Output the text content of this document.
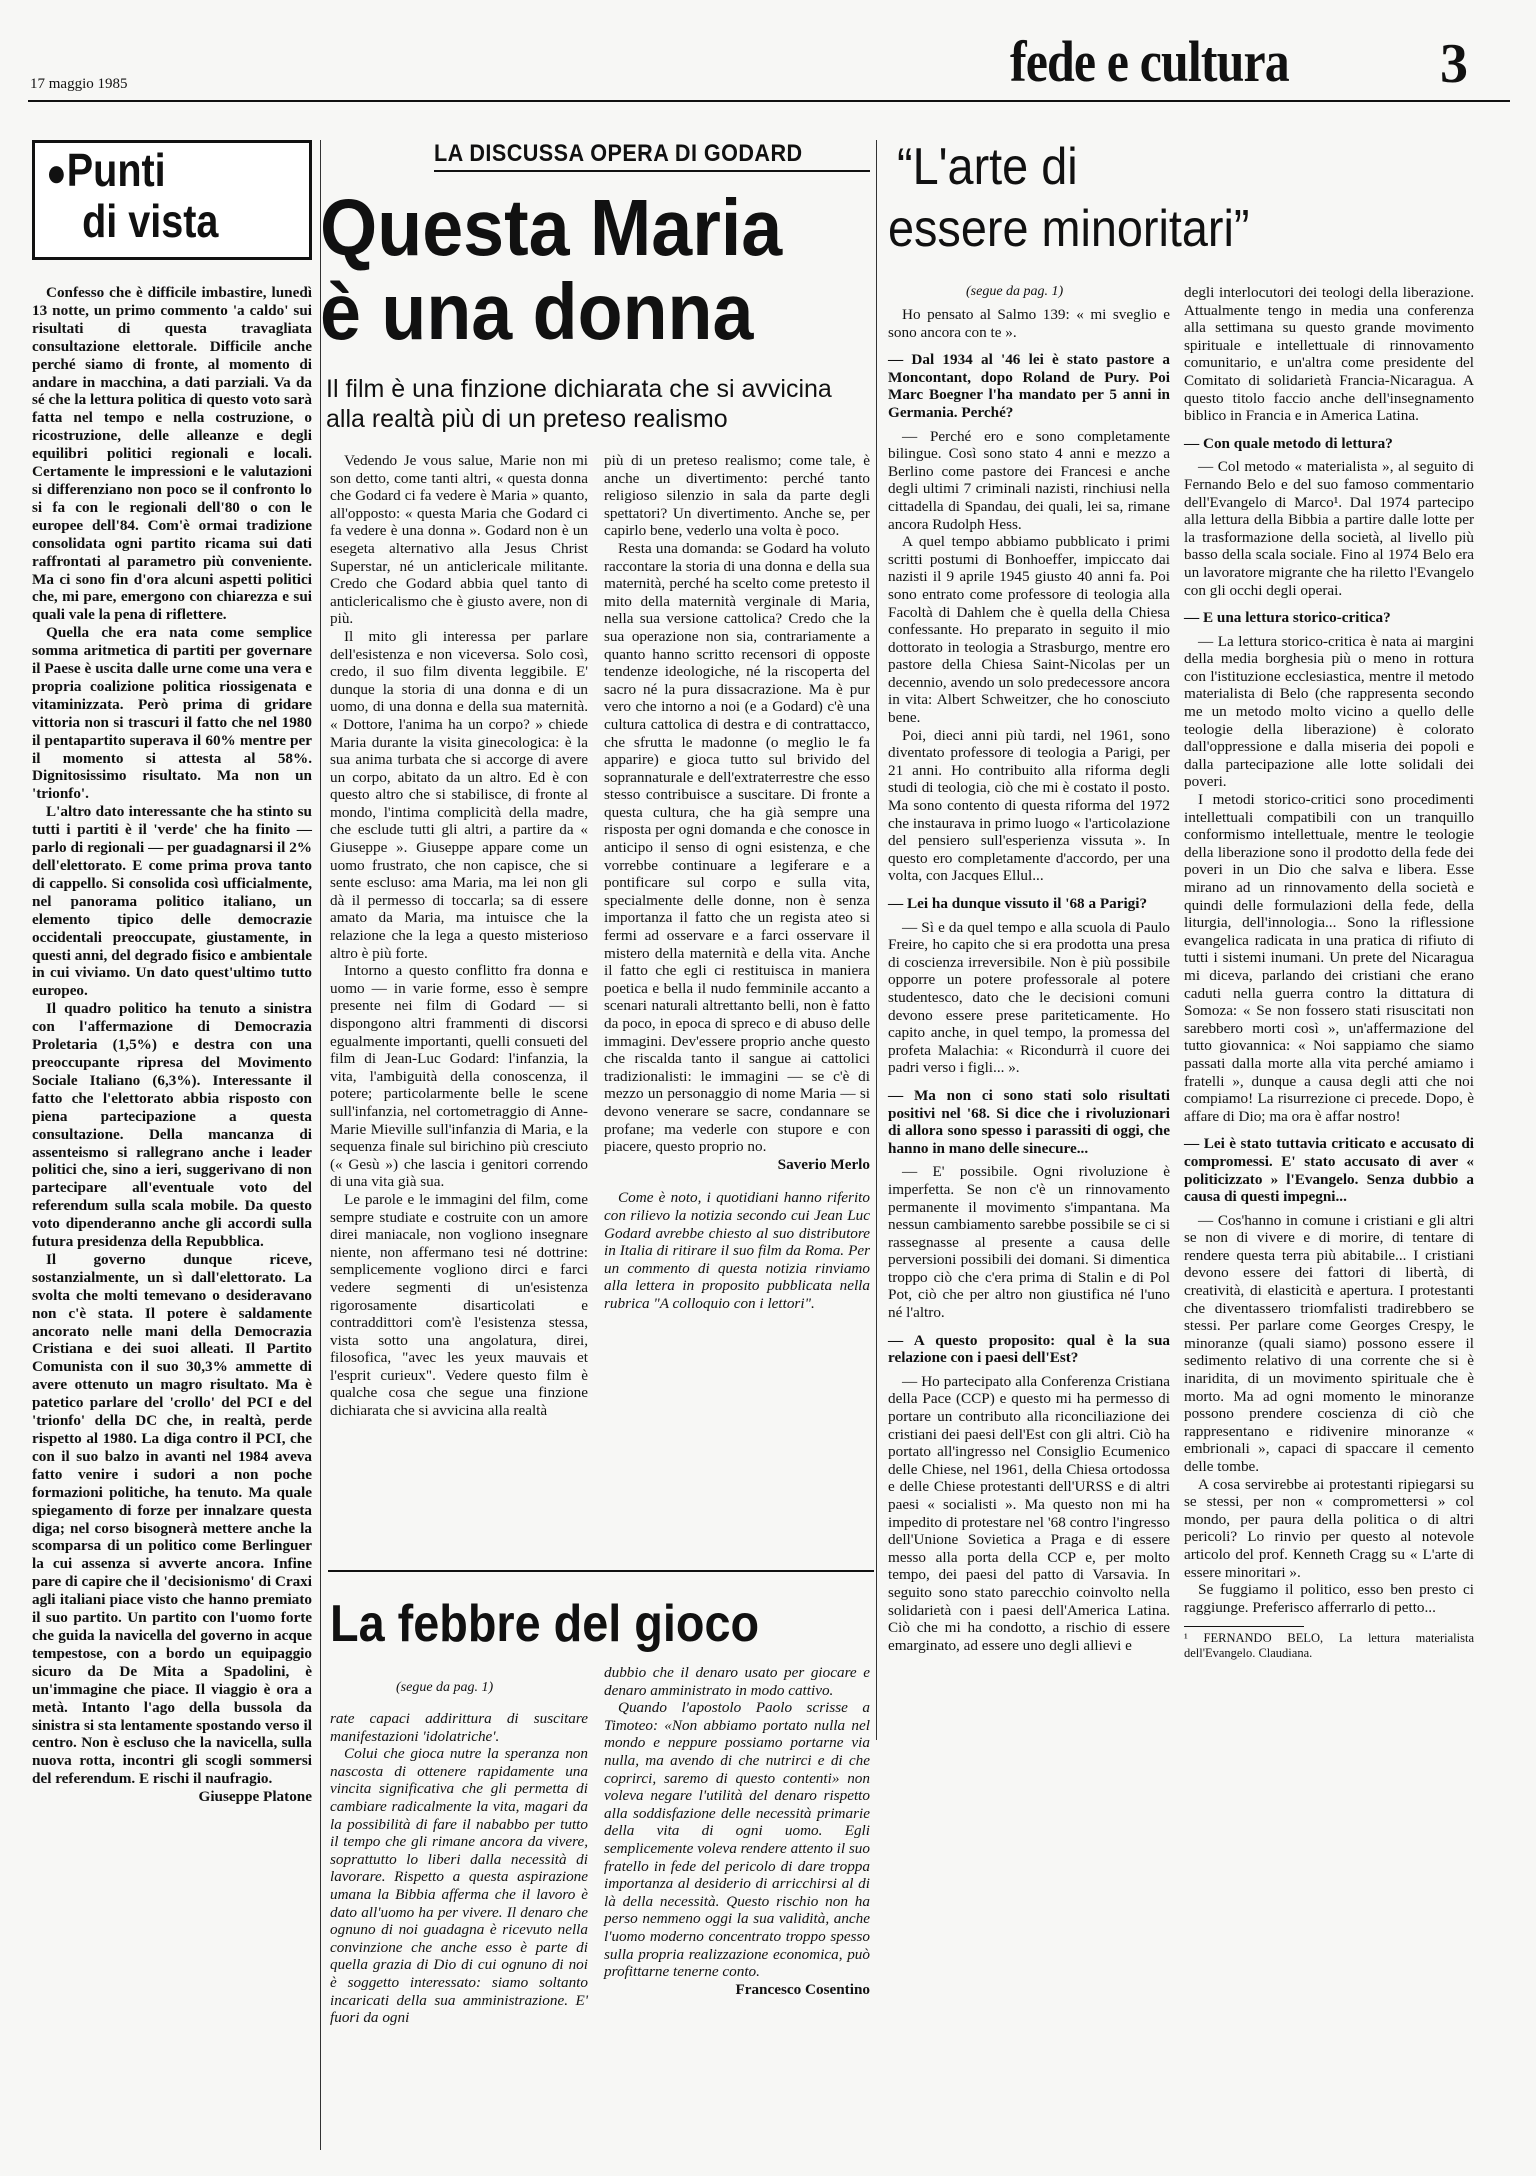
17 maggio 1985	fede e cultura	3
●Punti
di vista

Confesso che è difficile imbastire, lunedì 13 notte, un primo commento 'a caldo' sui risultati di questa travagliata consultazione elettorale. Difficile anche perché siamo di fronte, al momento di andare in macchina, a dati parziali. Va da sé che la lettura politica di questo voto sarà fatta nel tempo e nella costruzione, o ricostruzione, delle alleanze e degli equilibri politici regionali e locali. Certamente le impressioni e le valutazioni si differenziano non poco se il confronto lo si fa con le regionali dell'80 o con le europee dell'84. Com'è ormai tradizione consolidata ogni partito ricama sui dati raffrontati al parametro più conveniente. Ma ci sono fin d'ora alcuni aspetti politici che, mi pare, emergono con chiarezza e sui quali vale la pena di riflettere.

Quella che era nata come semplice somma aritmetica di partiti per governare il Paese è uscita dalle urne come una vera e propria coalizione politica riossigenata e vitaminizzata. Però prima di gridare vittoria non si trascuri il fatto che nel 1980 il pentapartito superava il 60% mentre per il momento si attesta al 58%. Dignitosissimo risultato. Ma non un 'trionfo'.

L'altro dato interessante che ha stinto su tutti i partiti è il 'verde' che ha finito — parlo di regionali — per guadagnarsi il 2% dell'elettorato. E come prima prova tanto di cappello. Si consolida così ufficialmente, nel panorama politico italiano, un elemento tipico delle democrazie occidentali preoccupate, giustamente, in questi anni, del degrado fisico e ambientale in cui viviamo. Un dato quest'ultimo tutto europeo.

Il quadro politico ha tenuto a sinistra con l'affermazione di Democrazia Proletaria (1,5%) e destra con una preoccupante ripresa del Movimento Sociale Italiano (6,3%). Interessante il fatto che l'elettorato abbia risposto con piena partecipazione a questa consultazione. Della mancanza di assenteismo si rallegrano anche i leader politici che, sino a ieri, suggerivano di non partecipare all'eventuale voto del referendum sulla scala mobile. Da questo voto dipenderanno anche gli accordi sulla futura presidenza della Repubblica.

Il governo dunque riceve, sostanzialmente, un sì dall'elettorato. La svolta che molti temevano o desideravano non c'è stata. Il potere è saldamente ancorato nelle mani della Democrazia Cristiana e dei suoi alleati. Il Partito Comunista con il suo 30,3% ammette di avere ottenuto un magro risultato. Ma è patetico parlare del 'crollo' del PCI e del 'trionfo' della DC che, in realtà, perde rispetto al 1980. La diga contro il PCI, che con il suo balzo in avanti nel 1984 aveva fatto venire i sudori a non poche formazioni politiche, ha tenuto. Ma quale spiegamento di forze per innalzare questa diga; nel corso bisognerà mettere anche la scomparsa di un politico come Berlinguer la cui assenza si avverte ancora. Infine pare di capire che il 'decisionismo' di Craxi agli italiani piace visto che hanno premiato il suo partito. Un partito con l'uomo forte che guida la navicella del governo in acque tempestose, con a bordo un equipaggio sicuro da De Mita a Spadolini, è un'immagine che piace. Il viaggio è ora a metà. Intanto l'ago della bussola da sinistra si sta lentamente spostando verso il centro. Non è escluso che la navicella, sulla nuova rotta, incontri gli scogli sommersi del referendum. E rischi il naufragio.

Giuseppe Platone

LA DISCUSSA OPERA DI GODARD
Questa Maria
è una donna
Il film è una finzione dichiarata che si avvicina alla realtà più di un preteso realismo

Vedendo Je vous salue, Marie non mi son detto, come tanti altri, « questa donna che Godard ci fa vedere è Maria » quanto, all'opposto: « questa Maria che Godard ci fa vedere è una donna ». Godard non è un esegeta alternativo alla Jesus Christ Superstar, né un anticlericale militante. Credo che Godard abbia quel tanto di anticlericalismo che è giusto avere, non di più.

Il mito gli interessa per parlare dell'esistenza e non viceversa. Solo così, credo, il suo film diventa leggibile. E' dunque la storia di una donna e di un uomo, di una donna e della sua maternità. « Dottore, l'anima ha un corpo? » chiede Maria durante la visita ginecologica: è la sua anima turbata che si accorge di avere un corpo, abitato da un altro. Ed è con questo altro che si stabilisce, di fronte al mondo, l'intima complicità della madre, che esclude tutti gli altri, a partire da « Giuseppe ». Giuseppe appare come un uomo frustrato, che non capisce, che si sente escluso: ama Maria, ma lei non gli dà il permesso di toccarla; sa di essere amato da Maria, ma intuisce che la relazione che la lega a questo misterioso altro è più forte.

Intorno a questo conflitto fra donna e uomo — in varie forme, esso è sempre presente nei film di Godard — si dispongono altri frammenti di discorsi egualmente importanti, quelli consueti del film di Jean-Luc Godard: l'infanzia, la vita, l'ambiguità della conoscenza, il potere; particolarmente belle le scene sull'infanzia, nel cortometraggio di Anne-Marie Mieville sull'infanzia di Maria, e la sequenza finale sul birichino più cresciuto (« Gesù ») che lascia i genitori correndo di una vita già sua.

Le parole e le immagini del film, come sempre studiate e costruite con un amore direi maniacale, non vogliono insegnare niente, non affermano tesi né dottrine: semplicemente vogliono dirci e farci vedere segmenti di un'esistenza rigorosamente disarticolati e contraddittori com'è l'esistenza stessa, vista sotto una angolatura, direi, filosofica, "avec les yeux mauvais et l'esprit curieux". Vedere questo film è qualche cosa che segue una finzione dichiarata che si avvicina alla realtà

più di un preteso realismo; come tale, è anche un divertimento: perché tanto religioso silenzio in sala da parte degli spettatori? Un divertimento. Anche se, per capirlo bene, vederlo una volta è poco.

Resta una domanda: se Godard ha voluto raccontare la storia di una donna e della sua maternità, perché ha scelto come pretesto il mito della maternità verginale di Maria, nella sua versione cattolica? Credo che la sua operazione non sia, contrariamente a quanto hanno scritto recensori di opposte tendenze ideologiche, né la riscoperta del sacro né la pura dissacrazione. Ma è pur vero che intorno a noi (e a Godard) c'è una cultura cattolica di destra e di contrattacco, che sfrutta le madonne (o meglio le fa apparire) e gioca tutto sul brivido del soprannaturale e dell'extraterrestre che esso stesso contribuisce a suscitare. Di fronte a questa cultura, che ha già sempre una risposta per ogni domanda e che conosce in anticipo il senso di ogni esistenza, e che vorrebbe continuare a legiferare e a pontificare sul corpo e sulla vita, specialmente delle donne, non è senza importanza il fatto che un regista ateo si fermi ad osservare e a farci osservare il mistero della maternità e della vita. Anche il fatto che egli ci restituisca in maniera poetica e bella il nudo femminile accanto a scenari naturali altrettanto belli, non è fatto da poco, in epoca di spreco e di abuso delle immagini. Dev'essere proprio anche questo che riscalda tanto il sangue ai cattolici tradizionalisti: le immagini — se c'è di mezzo un personaggio di nome Maria — si devono venerare se sacre, condannare se profane; ma vederle con stupore e con piacere, questo proprio no.

Saverio Merlo

Come è noto, i quotidiani hanno riferito con rilievo la notizia secondo cui Jean Luc Godard avrebbe chiesto al suo distributore in Italia di ritirare il suo film da Roma. Per un commento di questa notizia rinviamo alla lettera in proposito pubblicata nella rubrica "A colloquio con i lettori".

La febbre del gioco
(segue da pag. 1)

rate capaci addirittura di suscitare manifestazioni 'idolatriche'.

Colui che gioca nutre la speranza non nascosta di ottenere rapidamente una vincita significativa che gli permetta di cambiare radicalmente la vita, magari da la possibilità di fare il nababbo per tutto il tempo che gli rimane ancora da vivere, soprattutto lo liberi dalla necessità di lavorare. Rispetto a questa aspirazione umana la Bibbia afferma che il lavoro è dato all'uomo ha per vivere. Il denaro che ognuno di noi guadagna è ricevuto nella convinzione che anche esso è parte di quella grazia di Dio di cui ognuno di noi è soggetto interessato: siamo soltanto incaricati della sua amministrazione. E' fuori da ogni

dubbio che il denaro usato per giocare e denaro amministrato in modo cattivo.

Quando l'apostolo Paolo scrisse a Timoteo: «Non abbiamo portato nulla nel mondo e neppure possiamo portarne via nulla, ma avendo di che nutrirci e di che coprirci, saremo di questo contenti» non voleva negare l'utilità del denaro rispetto alla soddisfazione delle necessità primarie della vita di ogni uomo. Egli semplicemente voleva rendere attento il suo fratello in fede del pericolo di dare troppa importanza al desiderio di arricchirsi al di là della necessità. Questo rischio non ha perso nemmeno oggi la sua validità, anche l'uomo moderno concentrato troppo spesso sulla propria realizzazione economica, può profittarne tenerne conto.

Francesco Cosentino

“L'arte di
essere minoritari”
(segue da pag. 1)

Ho pensato al Salmo 139: « mi sveglio e sono ancora con te ».

— Dal 1934 al '46 lei è stato pastore a Moncontant, dopo Roland de Pury. Poi Marc Boegner l'ha mandato per 5 anni in Germania. Perché?

— Perché ero e sono completamente bilingue. Così sono stato 4 anni e mezzo a Berlino come pastore dei Francesi e anche degli ultimi 7 criminali nazisti, rinchiusi nella cittadella di Spandau, dei quali, lei sa, rimane ancora Rudolph Hess.

A quel tempo abbiamo pubblicato i primi scritti postumi di Bonhoeffer, impiccato dai nazisti il 9 aprile 1945 giusto 40 anni fa. Poi sono entrato come professore di teologia alla Facoltà di Dahlem che è quella della Chiesa confessante. Ho preparato in seguito il mio dottorato in teologia a Strasburgo, mentre ero pastore della Chiesa Saint-Nicolas per un decennio, avendo un solo predecessore ancora in vita: Albert Schweitzer, che ho conosciuto bene.

Poi, dieci anni più tardi, nel 1961, sono diventato professore di teologia a Parigi, per 21 anni. Ho contribuito alla riforma degli studi di teologia, ciò che mi è costato il posto. Ma sono contento di questa riforma del 1972 che instaurava in primo luogo « l'articolazione del pensiero sull'esperienza vissuta ». In questo ero completamente d'accordo, per una volta, con Jacques Ellul...

— Lei ha dunque vissuto il '68 a Parigi?

— Sì e da quel tempo e alla scuola di Paulo Freire, ho capito che si era prodotta una presa di coscienza irreversibile. Non è più possibile opporre un potere professorale al potere studentesco, dato che le decisioni comuni devono essere prese pariteticamente. Ho capito anche, in quel tempo, la promessa del profeta Malachia: « Ricondurrà il cuore dei padri verso i figli... ».

— Ma non ci sono stati solo risultati positivi nel '68. Si dice che i rivoluzionari di allora sono spesso i parassiti di oggi, che hanno in mano delle sinecure...

— E' possibile. Ogni rivoluzione è imperfetta. Se non c'è un rinnovamento permanente il movimento s'impantana. Ma nessun cambiamento sarebbe possibile se ci si rassegnasse al presente a causa delle perversioni possibili dei domani. Si dimentica troppo ciò che c'era prima di Stalin e di Pol Pot, ciò che per altro non giustifica né l'uno né l'altro.

— A questo proposito: qual è la sua relazione con i paesi dell'Est?

— Ho partecipato alla Conferenza Cristiana della Pace (CCP) e questo mi ha permesso di portare un contributo alla riconciliazione dei cristiani dei paesi dell'Est con gli altri. Ciò ha portato all'ingresso nel Consiglio Ecumenico delle Chiese, nel 1961, della Chiesa ortodossa e delle Chiese protestanti dell'URSS e di altri paesi « socialisti ». Ma questo non mi ha impedito di protestare nel '68 contro l'ingresso dell'Unione Sovietica a Praga e di essere messo alla porta della CCP e, per molto tempo, dei paesi del patto di Varsavia. In seguito sono stato parecchio coinvolto nella solidarietà con i paesi dell'America Latina. Ciò che mi ha condotto, a rischio di essere emarginato, ad essere uno degli allievi e

degli interlocutori dei teologi della liberazione. Attualmente tengo in media una conferenza alla settimana su questo grande movimento spirituale e intellettuale di rinnovamento comunitario, e un'altra come presidente del Comitato di solidarietà Francia-Nicaragua. A questo titolo faccio anche dell'insegnamento biblico in Francia e in America Latina.

— Con quale metodo di lettura?

— Col metodo « materialista », al seguito di Fernando Belo e del suo famoso commentario dell'Evangelo di Marco¹. Dal 1974 partecipo alla lettura della Bibbia a partire dalle lotte per la trasformazione della società, al livello più basso della scala sociale. Fino al 1974 Belo era un lavoratore migrante che ha riletto l'Evangelo con gli occhi degli operai.

— E una lettura storico-critica?

— La lettura storico-critica è nata ai margini della media borghesia più o meno in rottura con l'istituzione ecclesiastica, mentre il metodo materialista di Belo (che rappresenta secondo me un metodo molto vicino a quello delle teologie della liberazione) è colorato dall'oppressione e dalla miseria dei popoli e dalla partecipazione alle lotte solidali dei poveri.

I metodi storico-critici sono procedimenti intellettuali compatibili con un tranquillo conformismo intellettuale, mentre le teologie della liberazione sono il prodotto della fede dei poveri in un Dio che salva e libera. Esse mirano ad un rinnovamento della società e quindi delle formulazioni della fede, della liturgia, dell'innologia... Sono la riflessione evangelica radicata in una pratica di rifiuto di tutti i sistemi inumani. Un prete del Nicaragua mi diceva, parlando dei cristiani che erano caduti nella guerra contro la dittatura di Somoza: « Se non fossero stati risuscitati non sarebbero morti così », un'affermazione del tutto giovannica: « Noi sappiamo che siamo passati dalla morte alla vita perché amiamo i fratelli », dunque a causa degli atti che noi compiamo! La risurrezione ci precede. Dopo, è affare di Dio; ma ora è affar nostro!

— Lei è stato tuttavia criticato e accusato di compromessi. E' stato accusato di aver « politicizzato » l'Evangelo. Senza dubbio a causa di questi impegni...

— Cos'hanno in comune i cristiani e gli altri se non di vivere e di morire, di tentare di rendere questa terra più abitabile... I cristiani devono essere dei fattori di libertà, di creatività, di elasticità e apertura. I protestanti che diventassero triomfalisti tradirebbero se stessi. Per parlare come Georges Crespy, le minoranze (quali siamo) possono essere il sedimento relativo di una corrente che si è inaridita, di un movimento spirituale che è morto. Ma ad ogni momento le minoranze possono prendere coscienza di ciò che rappresentano e ridivenire minoranze « embrionali », capaci di spaccare il cemento delle tombe.

A cosa servirebbe ai protestanti ripiegarsi su se stessi, per non « compromettersi » col mondo, per paura della politica o di altri pericoli? Lo rinvio per questo al notevole articolo del prof. Kenneth Cragg su « L'arte di essere minoritari ».

Se fuggiamo il politico, esso ben presto ci raggiunge. Preferisco afferrarlo di petto...

¹ FERNANDO BELO, La lettura materialista dell'Evangelo. Claudiana.
